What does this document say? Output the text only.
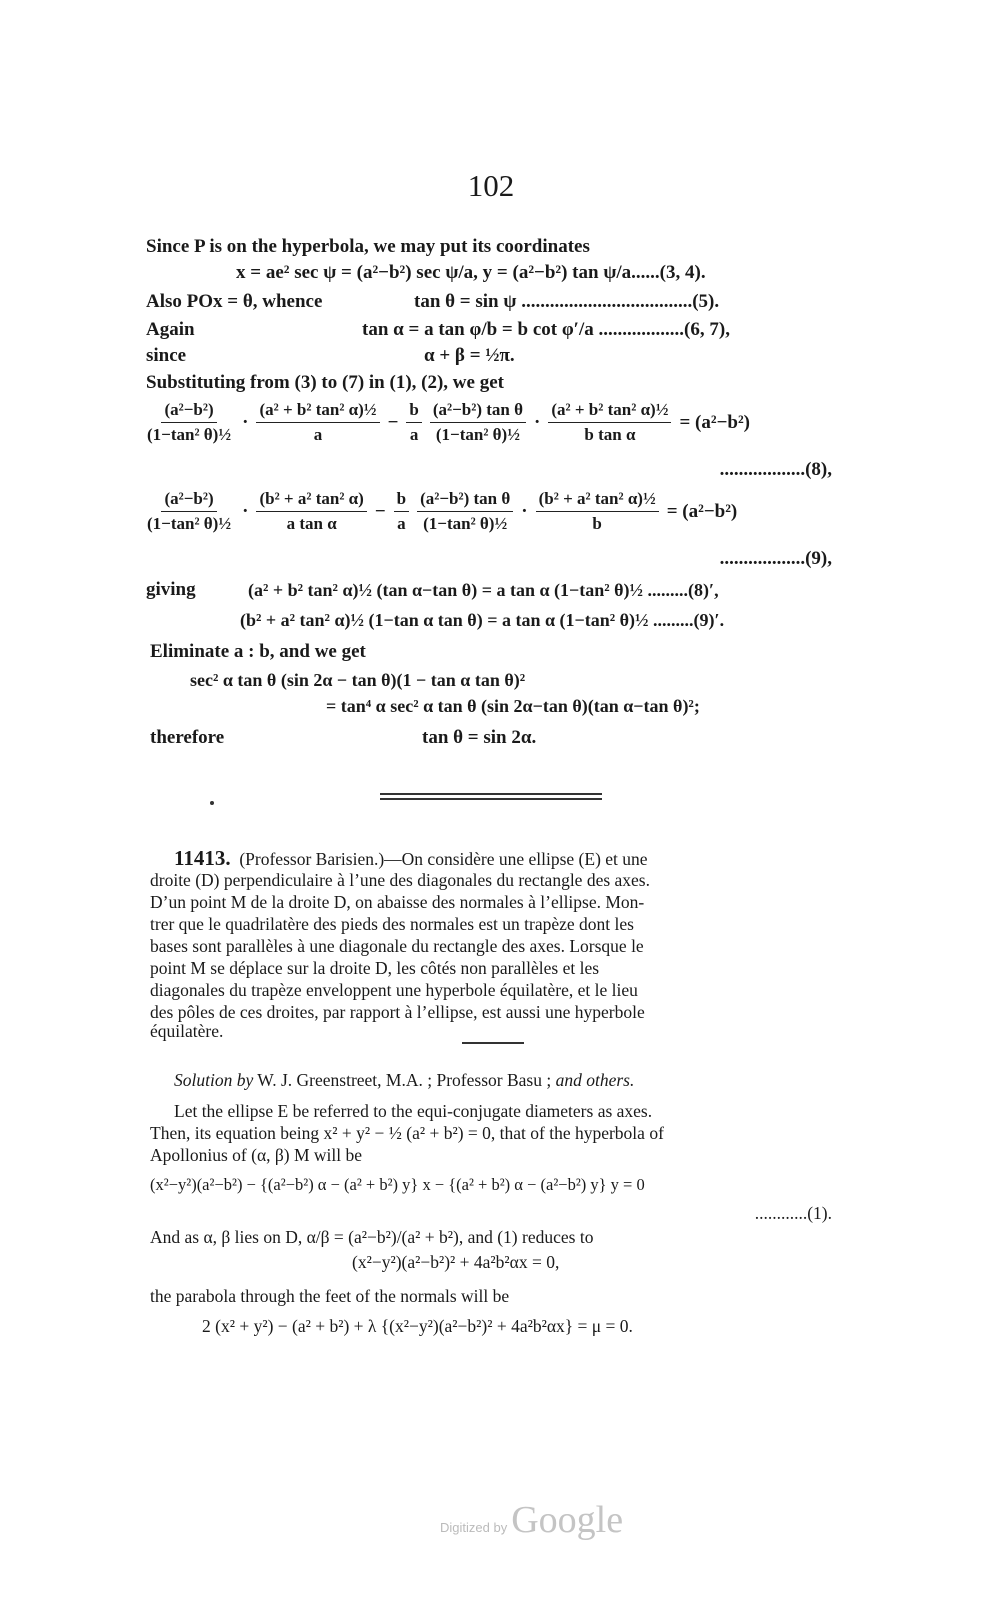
102
Since P is on the hyperbola, we may put its coordinates
x = ae² sec ψ = (a²−b²) sec ψ/a, y = (a²−b²) tan ψ/a......(3, 4).
Also POx = θ, whence	tan θ = sin ψ ....................................(5).
Again	tan α = a tan φ/b = b cot φ′/a ..................(6, 7),
since	α + β = ½π.
Substituting from (3) to (7) in (1), (2), we get
$\frac{\text{(a²−b²)}}{\text{(1−tan² θ)½}} \cdot \frac{\text{(a² + b² tan² α)½}}{a} - \frac{b}{a} \frac{\text{(a²−b²) tan θ}}{\text{(1−tan² θ)½}} \cdot \frac{\text{(a² + b² tan² α)½}}{\text{b tan α}} = (a^2-b^2)$
..................(8),
$\frac{\text{(a²−b²)}}{\text{(1−tan² θ)½}} \cdot \frac{\text{(b² + a² tan² α)}}{\text{a tan α}} - \frac{b}{a} \frac{\text{(a²−b²) tan θ}}{\text{(1−tan² θ)½}} \cdot \frac{\text{(b² + a² tan² α)½}}{b} = (a^2-b^2)$
..................(9),
giving	(a² + b² tan² α)½ (tan α−tan θ) = a tan α (1−tan² θ)½ .........(8)′,
(b² + a² tan² α)½ (1−tan α tan θ) = a tan α (1−tan² θ)½ .........(9)′.
Eliminate a : b, and we get
sec² α tan θ (sin 2α − tan θ)(1 − tan α tan θ)²
= tan⁴ α sec² α tan θ (sin 2α−tan θ)(tan α−tan θ)²;
therefore	tan θ = sin 2α.
11413. (Professor Barisien.)—On considère une ellipse (E) et une
droite (D) perpendiculaire à l’une des diagonales du rectangle des axes.
D’un point M de la droite D, on abaisse des normales à l’ellipse. Mon-
trer que le quadrilatère des pieds des normales est un trapèze dont les
bases sont parallèles à une diagonale du rectangle des axes. Lorsque le
point M se déplace sur la droite D, les côtés non parallèles et les
diagonales du trapèze enveloppent une hyperbole équilatère, et le lieu
des pôles de ces droites, par rapport à l’ellipse, est aussi une hyperbole
équilatère.
Solution by W. J. Greenstreet, M.A. ; Professor Basu ; and others.
Let the ellipse E be referred to the equi-conjugate diameters as axes.
Then, its equation being x² + y² − ½ (a² + b²) = 0, that of the hyperbola of
Apollonius of (α, β) M will be
(x²−y²)(a²−b²) − {(a²−b²) α − (a² + b²) y} x − {(a² + b²) α − (a²−b²) y} y = 0
............(1).
And as α, β lies on D, α/β = (a²−b²)/(a² + b²), and (1) reduces to
(x²−y²)(a²−b²)² + 4a²b²αx = 0,
the parabola through the feet of the normals will be
2 (x² + y²) − (a² + b²) + λ {(x²−y²)(a²−b²)² + 4a²b²αx} = μ = 0.
Digitized by Google
